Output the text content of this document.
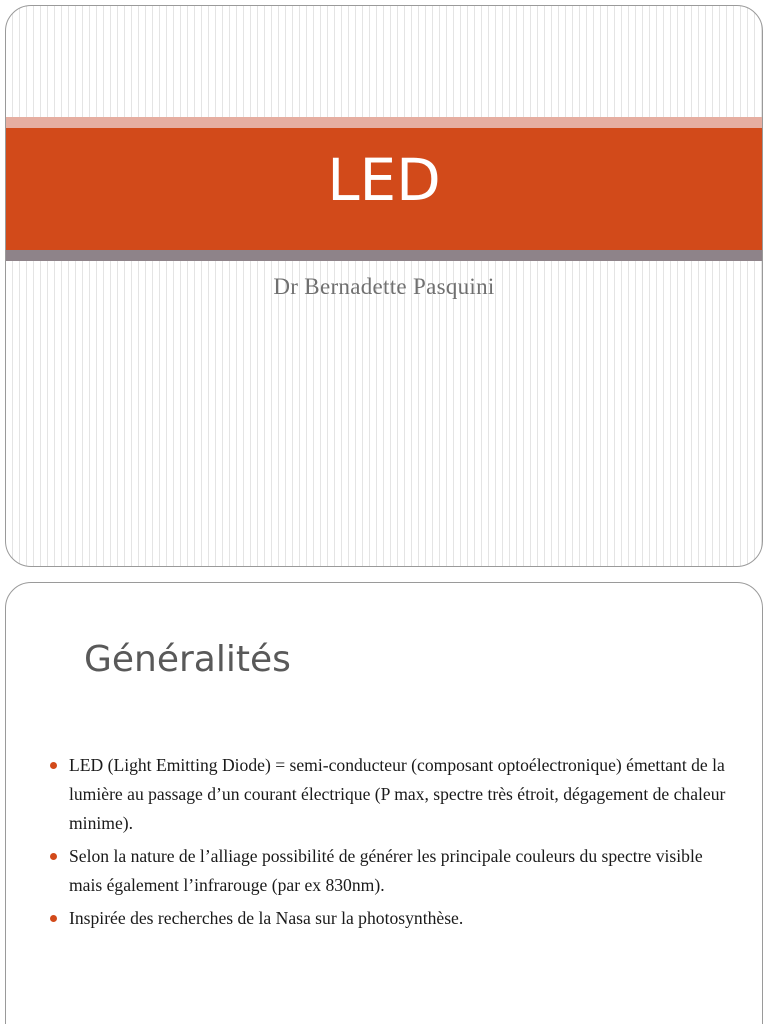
LED

Dr Bernadette Pasquini

Généralités
LED (Light Emitting Diode) = semi-conducteur (composant optoélectronique) émettant de la lumière au passage d’un courant électrique (P max, spectre très étroit, dégagement de chaleur minime).
Selon la nature de l’alliage possibilité de générer les principale couleurs du spectre visible mais également l’infrarouge (par ex 830nm).
Inspirée des recherches de la Nasa sur la photosynthèse.
